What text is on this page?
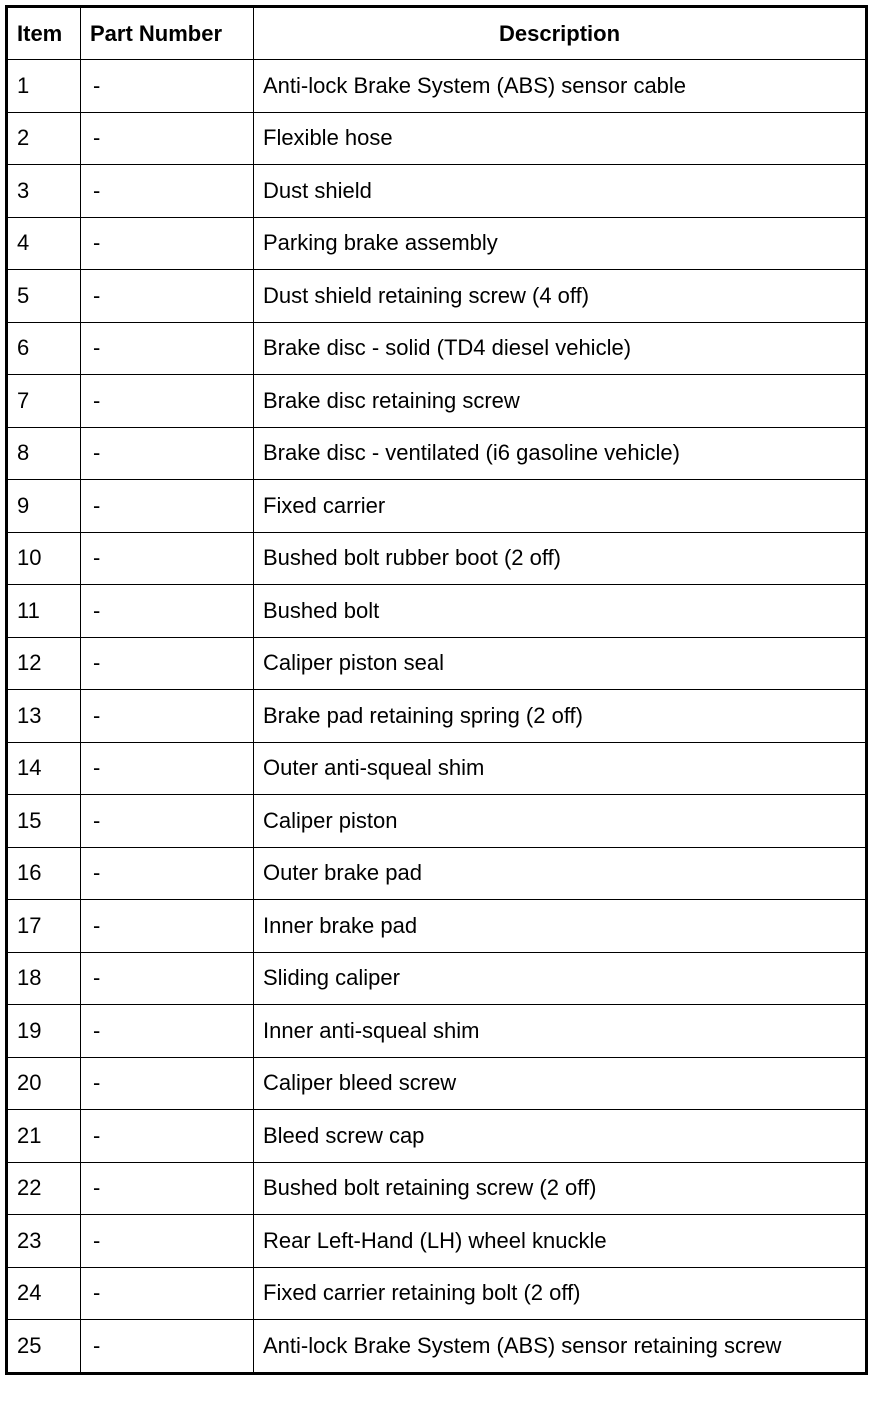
Item	Part Number	Description
1	-	Anti-lock Brake System (ABS) sensor cable
2	-	Flexible hose
3	-	Dust shield
4	-	Parking brake assembly
5	-	Dust shield retaining screw (4 off)
6	-	Brake disc - solid (TD4 diesel vehicle)
7	-	Brake disc retaining screw
8	-	Brake disc - ventilated (i6 gasoline vehicle)
9	-	Fixed carrier
10	-	Bushed bolt rubber boot (2 off)
11	-	Bushed bolt
12	-	Caliper piston seal
13	-	Brake pad retaining spring (2 off)
14	-	Outer anti-squeal shim
15	-	Caliper piston
16	-	Outer brake pad
17	-	Inner brake pad
18	-	Sliding caliper
19	-	Inner anti-squeal shim
20	-	Caliper bleed screw
21	-	Bleed screw cap
22	-	Bushed bolt retaining screw (2 off)
23	-	Rear Left-Hand (LH) wheel knuckle
24	-	Fixed carrier retaining bolt (2 off)
25	-	Anti-lock Brake System (ABS) sensor retaining screw
